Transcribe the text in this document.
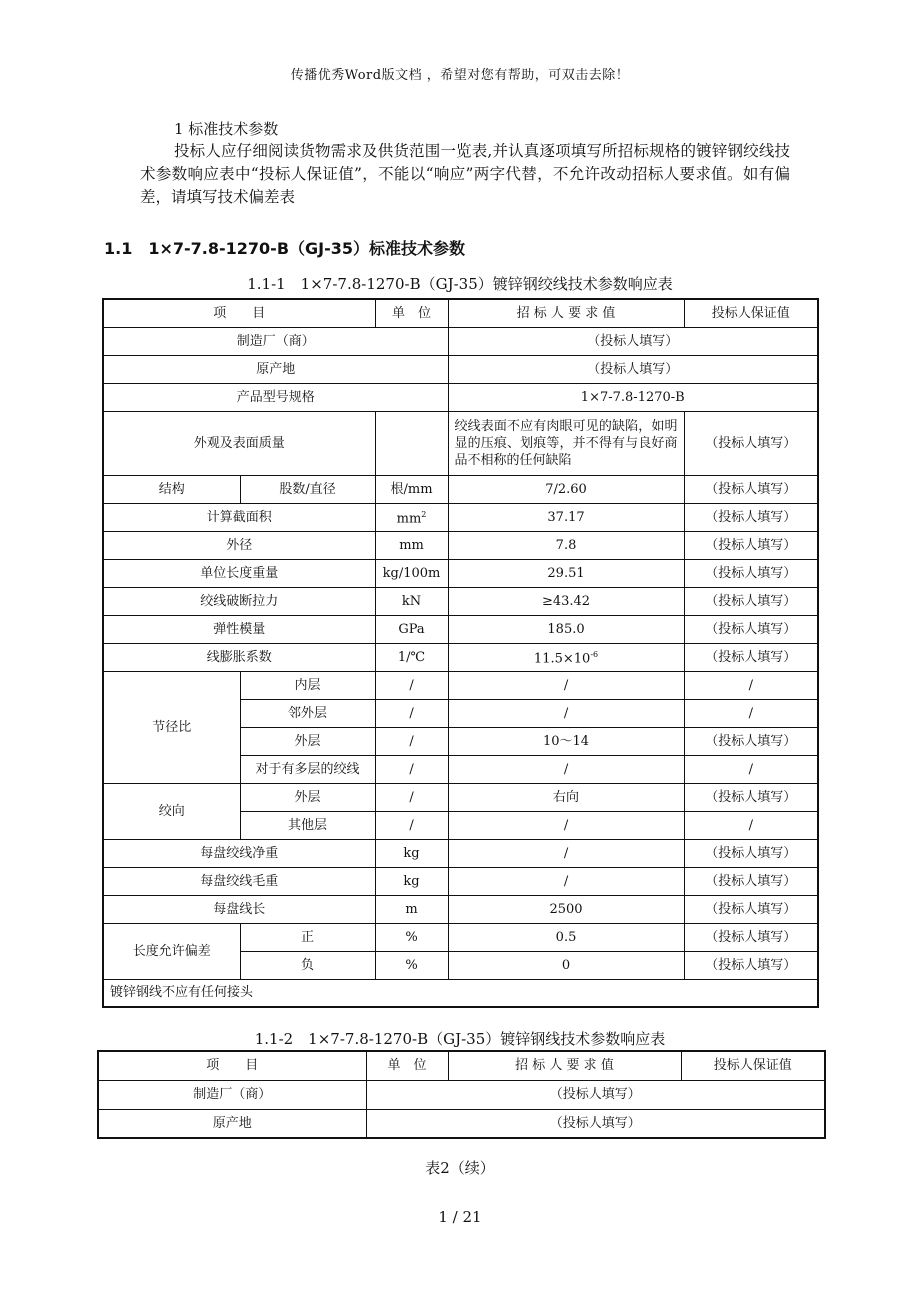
传播优秀Word版文档 ，希望对您有帮助，可双击去除！
1 标准技术参数
投标人应仔细阅读货物需求及供货范围一览表,并认真逐项填写所招标规格的镀锌钢绞线技术参数响应表中“投标人保证值”，不能以“响应”两字代替，不允许改动招标人要求值。如有偏差，请填写技术偏差表
1.1　1×7-7.8-1270-B（GJ-35）标准技术参数
1.1-1　1×7-7.8-1270-B（GJ-35）镀锌钢绞线技术参数响应表
项　　目		单　位	招 标 人 要 求 值	投标人保证值
制造厂（商）			（投标人填写）	
原产地			（投标人填写）	
产品型号规格			1×7-7.8-1270-B	
外观及表面质量			绞线表面不应有肉眼可见的缺陷，如明显的压痕、划痕等，并不得有与良好商品不相称的任何缺陷	（投标人填写）
结构	股数/直径	根/mm	7/2.60	（投标人填写）
计算截面积		$mm^2$	37.17	（投标人填写）
外径		mm	7.8	（投标人填写）
单位长度重量		kg/100m	29.51	（投标人填写）
绞线破断拉力		kN	≥43.42	（投标人填写）
弹性模量		GPa	185.0	（投标人填写）
线膨胀系数		1/℃	$11.5\times 10^{-6}$	（投标人填写）
节径比	内层	/	/	/
	邻外层	/	/	/
	外层	/	10～14	（投标人填写）
	对于有多层的绞线	/	/	/
绞向	外层	/	右向	（投标人填写）
	其他层	/	/	/
每盘绞线净重		kg	/	（投标人填写）
每盘绞线毛重		kg	/	（投标人填写）
每盘线长		m	2500	（投标人填写）
长度允许偏差	正	%	0.5	（投标人填写）
	负	%	0	（投标人填写）
镀锌钢线不应有任何接头				
1.1-2　1×7-7.8-1270-B（GJ-35）镀锌钢线技术参数响应表
项　　目	单　位	招 标 人 要 求 值	投标人保证值
制造厂（商）	（投标人填写）		
原产地	（投标人填写）		
表2（续）
1 / 21
